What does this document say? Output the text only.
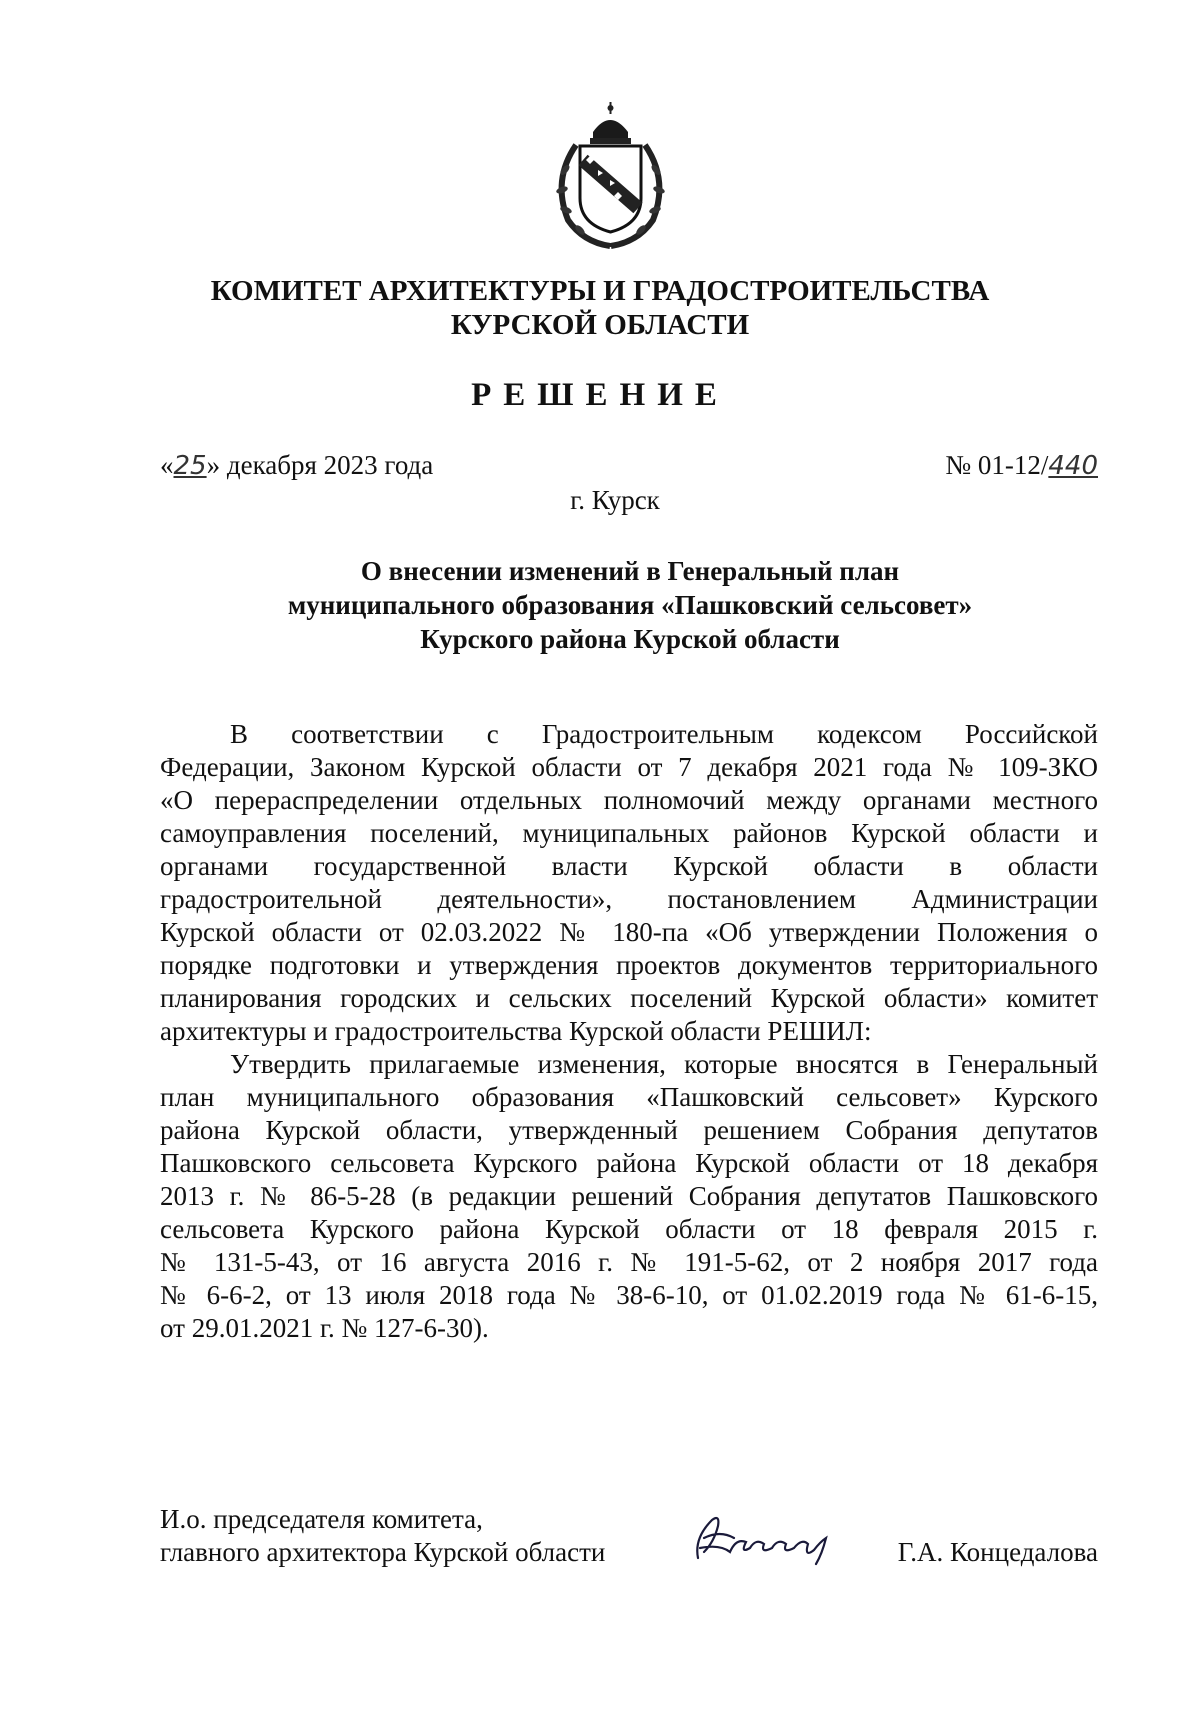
КОМИТЕТ АРХИТЕКТУРЫ И ГРАДОСТРОИТЕЛЬСТВА
КУРСКОЙ ОБЛАСТИ
РЕШЕНИЕ
«25» декабря 2023 года	№ 01-12/440
г. Курск
О внесении изменений в Генеральный план
муниципального образования «Пашковский сельсовет»
Курского района Курской области
В соответствии с Градостроительным кодексом Российской
Федерации, Законом Курской области от 7 декабря 2021 года № 109-ЗКО
«О перераспределении отдельных полномочий между органами местного
самоуправления поселений, муниципальных районов Курской области и
органами государственной власти Курской области в области
градостроительной деятельности», постановлением Администрации
Курской области от 02.03.2022 № 180-па «Об утверждении Положения о
порядке подготовки и утверждения проектов документов территориального
планирования городских и сельских поселений Курской области» комитет
архитектуры и градостроительства Курской области РЕШИЛ:
Утвердить прилагаемые изменения, которые вносятся в Генеральный
план муниципального образования «Пашковский сельсовет» Курского
района Курской области, утвержденный решением Собрания депутатов
Пашковского сельсовета Курского района Курской области от 18 декабря
2013 г. № 86-5-28 (в редакции решений Собрания депутатов Пашковского
сельсовета Курского района Курской области от 18 февраля 2015 г.
№ 131-5-43, от 16 августа 2016 г. № 191-5-62, от 2 ноября 2017 года
№ 6-6-2, от 13 июля 2018 года № 38-6-10, от 01.02.2019 года № 61-6-15,
от 29.01.2021 г. № 127-6-30).
И.о. председателя комитета,
главного архитектора Курской области	Г.А. Концедалова
